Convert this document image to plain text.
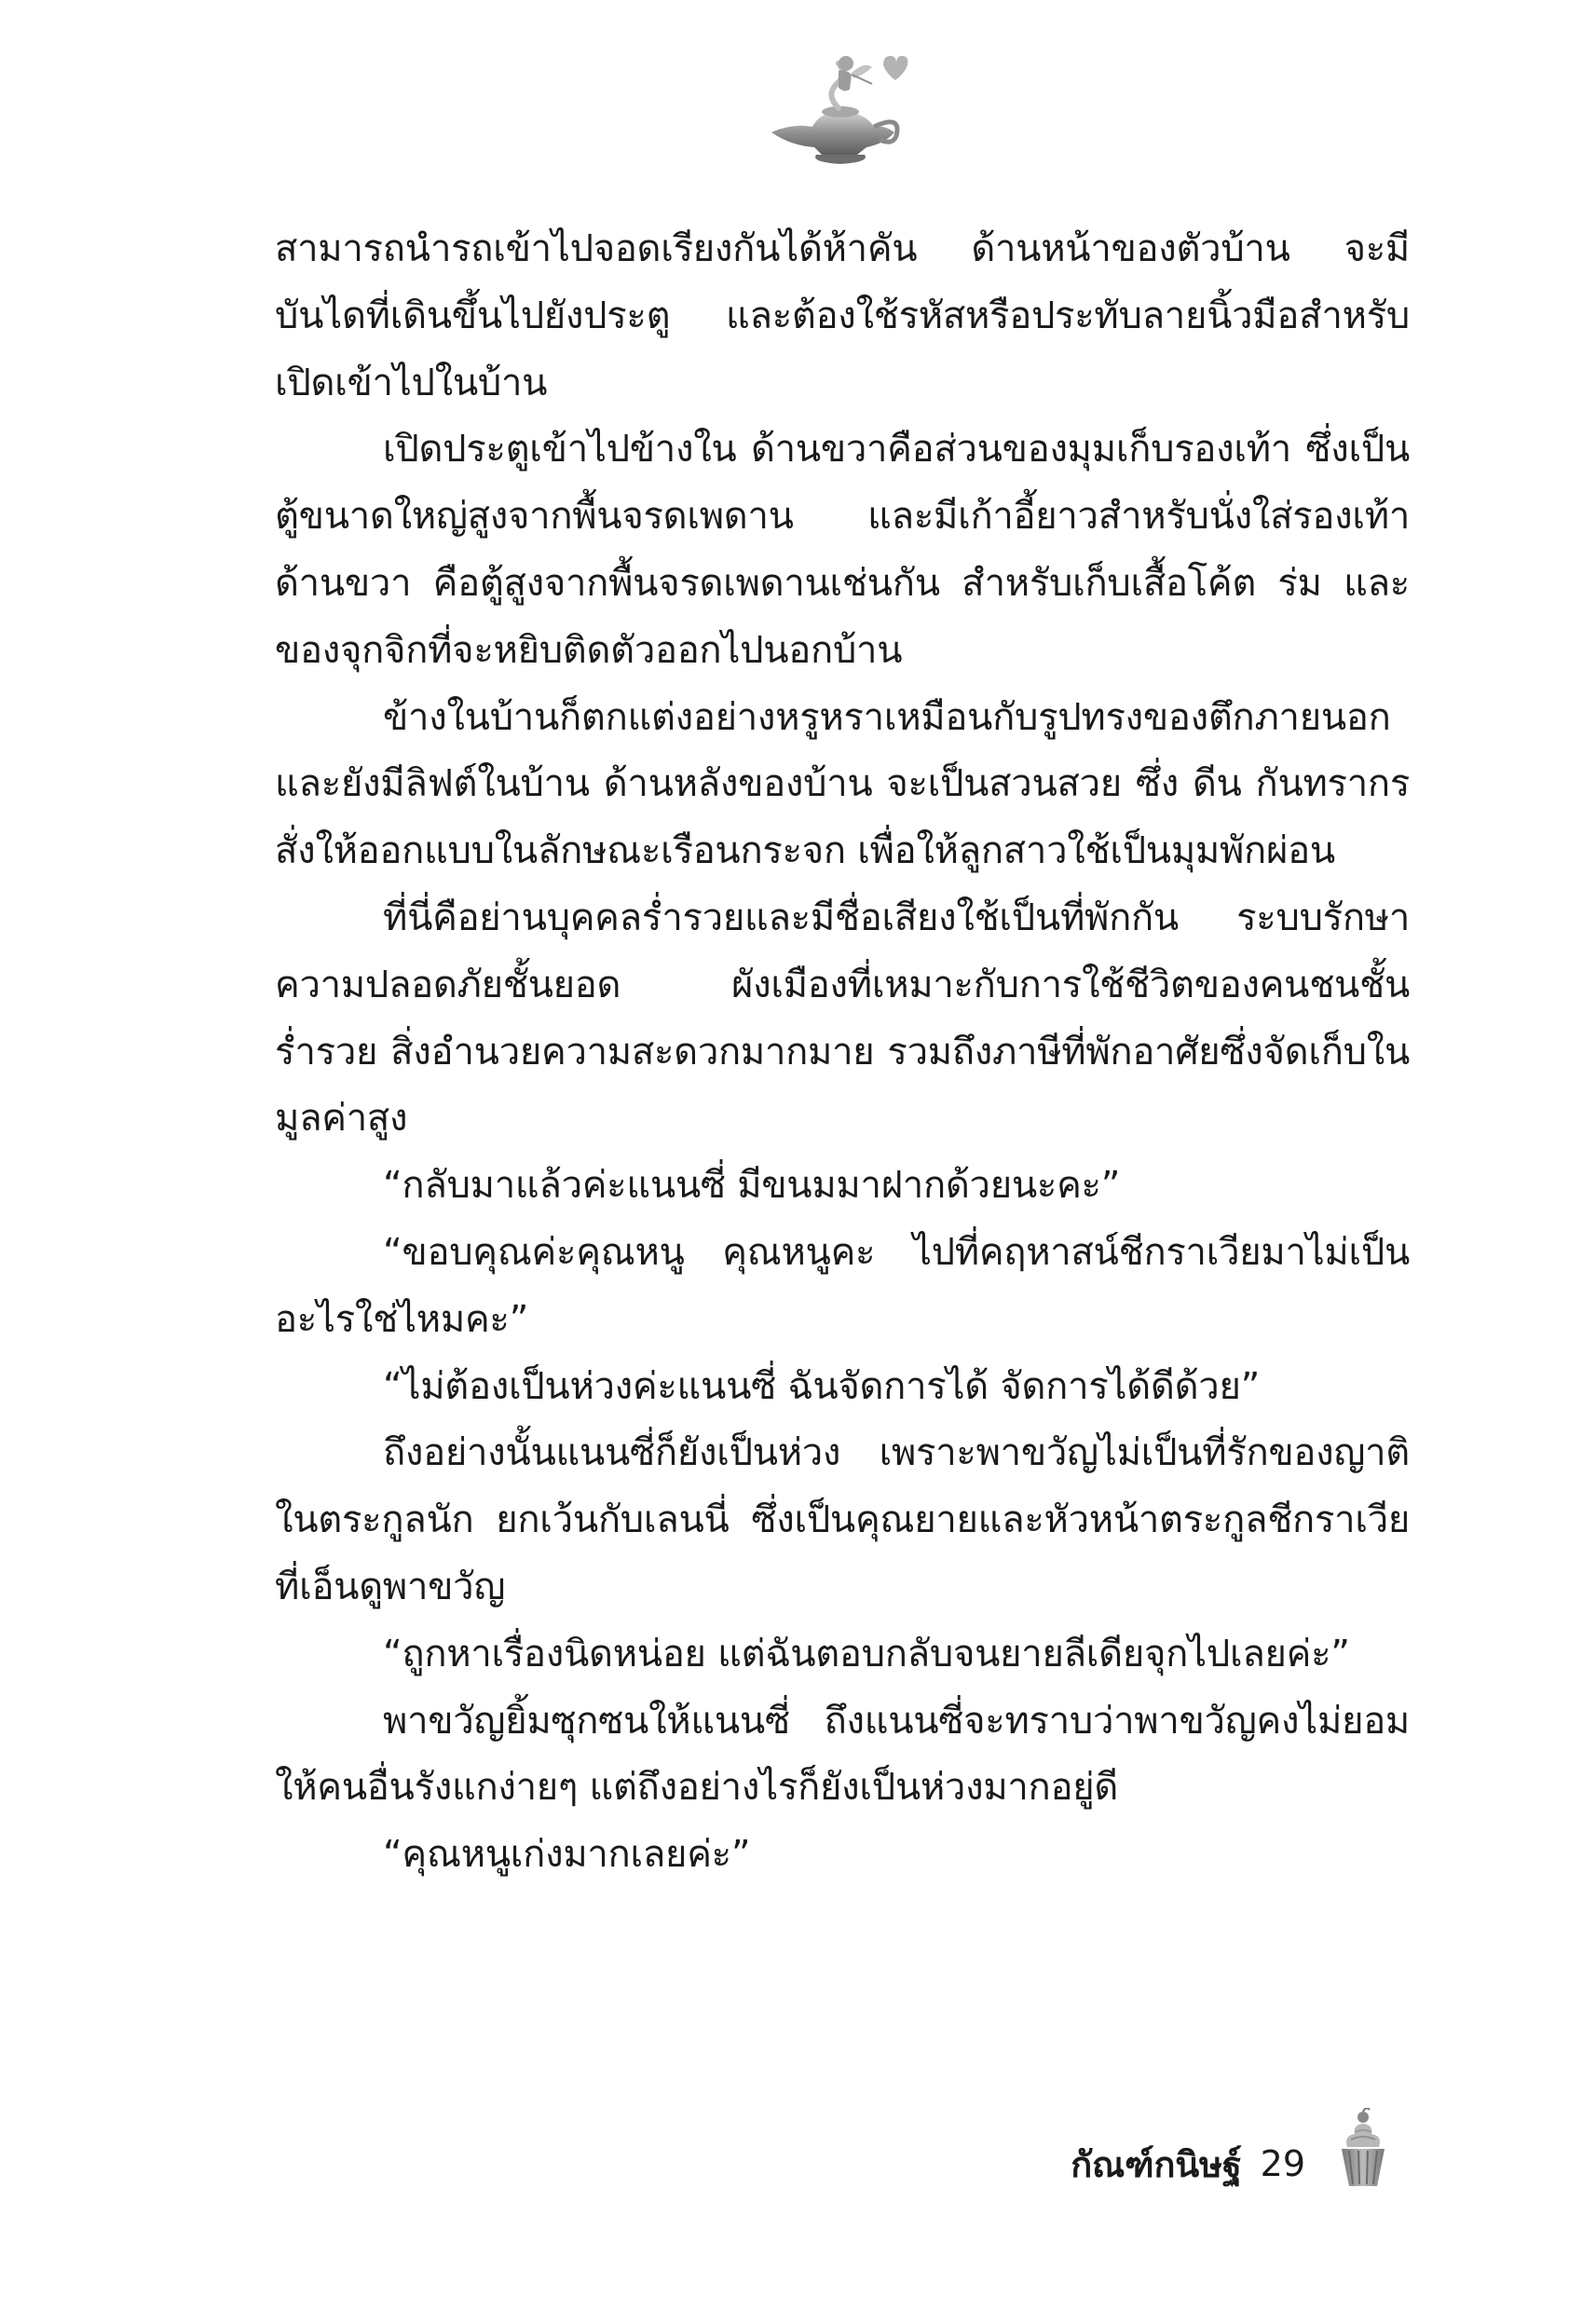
สามารถนำรถเข้าไปจอดเรียงกันได้ห้าคัน ด้านหน้าของตัวบ้าน จะมีบันไดที่เดินขึ้นไปยังประตู และต้องใช้รหัสหรือประทับลายนิ้วมือสำหรับเปิดเข้าไปในบ้าน

เปิดประตูเข้าไปข้างใน ด้านขวาคือส่วนของมุมเก็บรองเท้า ซึ่งเป็นตู้ขนาดใหญ่สูงจากพื้นจรดเพดาน และมีเก้าอี้ยาวสำหรับนั่งใส่รองเท้าด้านขวา คือตู้สูงจากพื้นจรดเพดานเช่นกัน สำหรับเก็บเสื้อโค้ต ร่ม และของจุกจิกที่จะหยิบติดตัวออกไปนอกบ้าน

ข้างในบ้านก็ตกแต่งอย่างหรูหราเหมือนกับรูปทรงของตึกภายนอก และยังมีลิฟต์ในบ้าน ด้านหลังของบ้าน จะเป็นสวนสวย ซึ่ง ดีน กันทรากร สั่งให้ออกแบบในลักษณะเรือนกระจก เพื่อให้ลูกสาวใช้เป็นมุมพักผ่อน

ที่นี่คือย่านบุคคลร่ำรวยและมีชื่อเสียงใช้เป็นที่พักกัน ระบบรักษาความปลอดภัยชั้นยอด ผังเมืองที่เหมาะกับการใช้ชีวิตของคนชนชั้นร่ำรวย สิ่งอำนวยความสะดวกมากมาย รวมถึงภาษีที่พักอาศัยซึ่งจัดเก็บในมูลค่าสูง

“กลับมาแล้วค่ะแนนซี่ มีขนมมาฝากด้วยนะคะ”

“ขอบคุณค่ะคุณหนู คุณหนูคะ ไปที่คฤหาสน์ชีกราเวียมาไม่เป็นอะไรใช่ไหมคะ”

“ไม่ต้องเป็นห่วงค่ะแนนซี่ ฉันจัดการได้ จัดการได้ดีด้วย”

ถึงอย่างนั้นแนนซี่ก็ยังเป็นห่วง เพราะพาขวัญไม่เป็นที่รักของญาติในตระกูลนัก ยกเว้นกับเลนนี่ ซึ่งเป็นคุณยายและหัวหน้าตระกูลชีกราเวีย ที่เอ็นดูพาขวัญ

“ถูกหาเรื่องนิดหน่อย แต่ฉันตอบกลับจนยายลีเดียจุกไปเลยค่ะ”

พาขวัญยิ้มซุกซนให้แนนซี่ ถึงแนนซี่จะทราบว่าพาขวัญคงไม่ยอมให้คนอื่นรังแกง่ายๆ แต่ถึงอย่างไรก็ยังเป็นห่วงมากอยู่ดี

“คุณหนูเก่งมากเลยค่ะ”

กัณฑ์กนิษฐ์ 29
